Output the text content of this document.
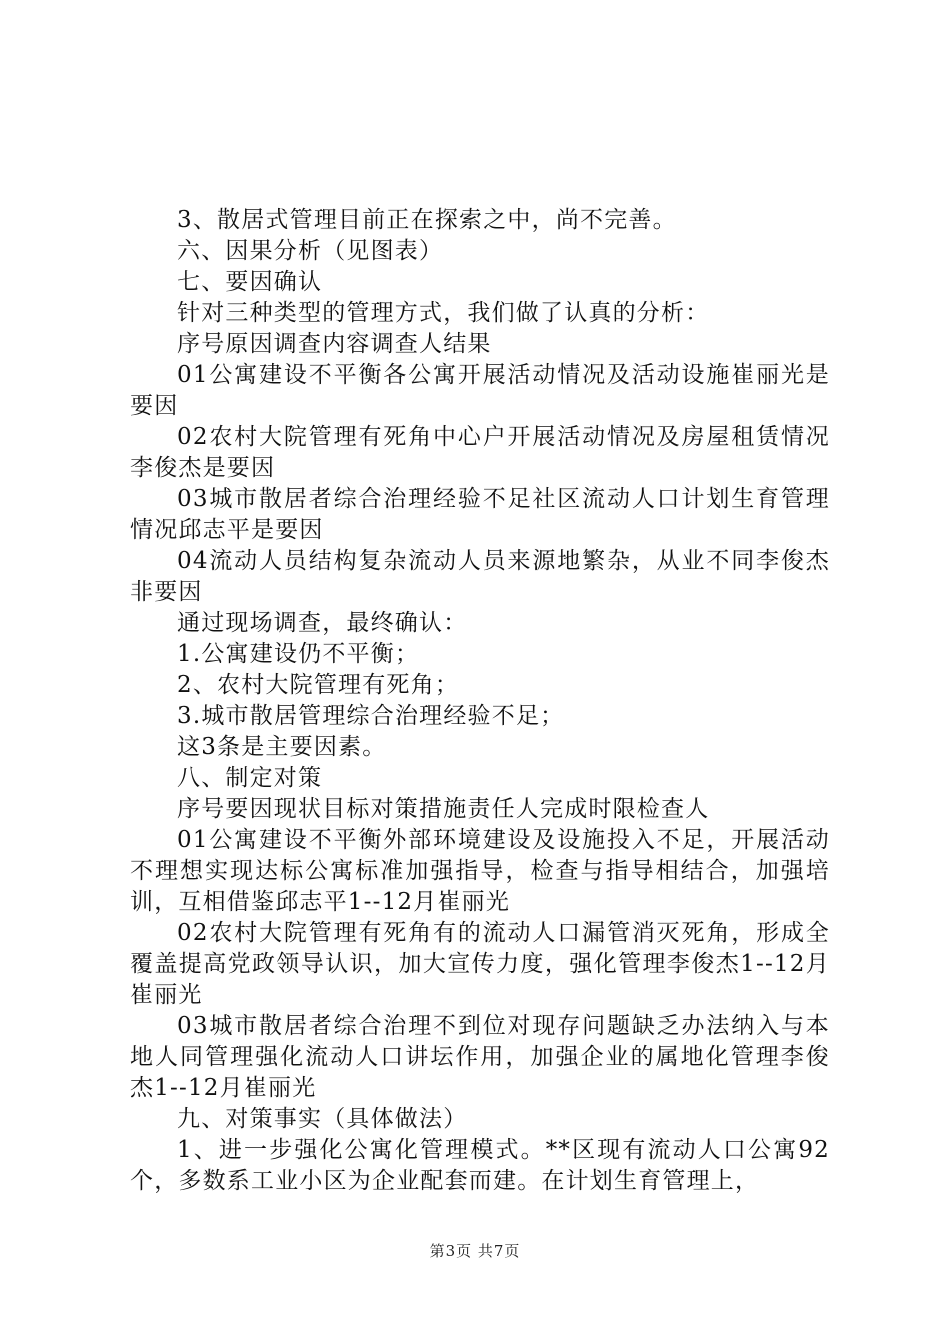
3、散居式管理目前正在探索之中，尚不完善。

六、因果分析（见图表）

七、要因确认

针对三种类型的管理方式，我们做了认真的分析：

序号原因调查内容调查人结果

01公寓建设不平衡各公寓开展活动情况及活动设施崔丽光是要因

02农村大院管理有死角中心户开展活动情况及房屋租赁情况李俊杰是要因

03城市散居者综合治理经验不足社区流动人口计划生育管理情况邱志平是要因

04流动人员结构复杂流动人员来源地繁杂，从业不同李俊杰非要因

通过现场调查，最终确认：

1.公寓建设仍不平衡；

2、农村大院管理有死角；

3.城市散居管理综合治理经验不足；

这3条是主要因素。

八、制定对策

序号要因现状目标对策措施责任人完成时限检查人

01公寓建设不平衡外部环境建设及设施投入不足，开展活动不理想实现达标公寓标准加强指导，检查与指导相结合，加强培训，互相借鉴邱志平1--12月崔丽光

02农村大院管理有死角有的流动人口漏管消灭死角，形成全覆盖提高党政领导认识，加大宣传力度，强化管理李俊杰1--12月崔丽光

03城市散居者综合治理不到位对现存问题缺乏办法纳入与本地人同管理强化流动人口讲坛作用，加强企业的属地化管理李俊杰1--12月崔丽光

九、对策事实（具体做法）

1、进一步强化公寓化管理模式。**区现有流动人口公寓92个，多数系工业小区为企业配套而建。在计划生育管理上，

第3页 共7页
